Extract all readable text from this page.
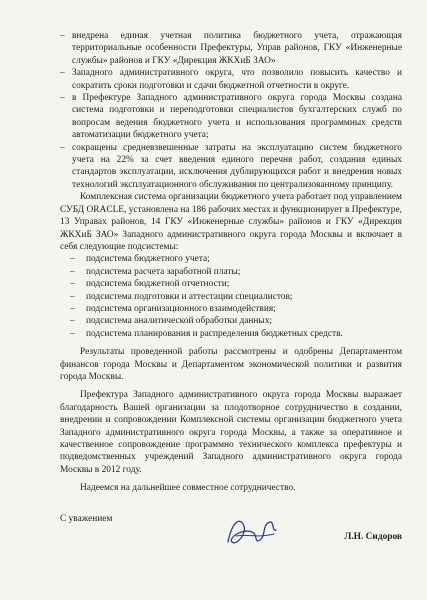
– внедрена единая учетная политика бюджетного учета, отражающая территориальные особенности Префектуры, Управ районов, ГКУ «Инженерные службы» районов и ГКУ «Дирекция ЖКХиБ ЗАО»
– Западного административного округа, что позволило повысить качество и сократить сроки подготовки и сдачи бюджетной отчетности в округе.
– в Префектуре Западного административного округа города Москвы создана система подготовки и переподготовки специалистов бухгалтерских служб по вопросам ведения бюджетного учета и использования программных средств автоматизации бюджетного учета;
– сокращены средневзвешенные затраты на эксплуатацию систем бюджетного учета на 22% за счет введения единого перечня работ, создания единых стандартов эксплуатации, исключения дублирующихся работ и внедрения новых технологий эксплуатационного обслуживания по централизованному принципу.

Комплексная система организации бюджетного учета работает под управлением СУБД ORACLE, установлена на 186 рабочих местах и функционирует в Префектуре, 13 Управах районов, 14 ГКУ «Инженерные службы» районов и ГКУ «Дирекция ЖКХиБ ЗАО» Западного административного округа города Москвы и включает в себя следующие подсистемы:

– подсистема бюджетного учета;
– подсистема расчета заработной платы;
– подсистема бюджетной отчетности;
– подсистема подготовки и аттестации специалистов;
– подсистема организационного взаимодействия;
– подсистема аналитической обработки данных;
– подсистема планирования и распределения бюджетных средств.

Результаты проведенной работы рассмотрены и одобрены Департаментом финансов города Москвы и Департаментом экономической политики и развития города Москвы.

Префектура Западного административного округа города Москвы выражает благодарность Вашей организации за плодотворное сотрудничество в создании, внедрении и сопровождении Комплексной системы организации бюджетного учета Западного административного округа города Москвы, а также за оперативное и качественное сопровождение программно технического комплекса префектуры и подведомственных учреждений Западного административного округа города Москвы в 2012 году.

Надеемся на дальнейшее совместное сотрудничество.

С уважением
Л.Н. Сидоров
